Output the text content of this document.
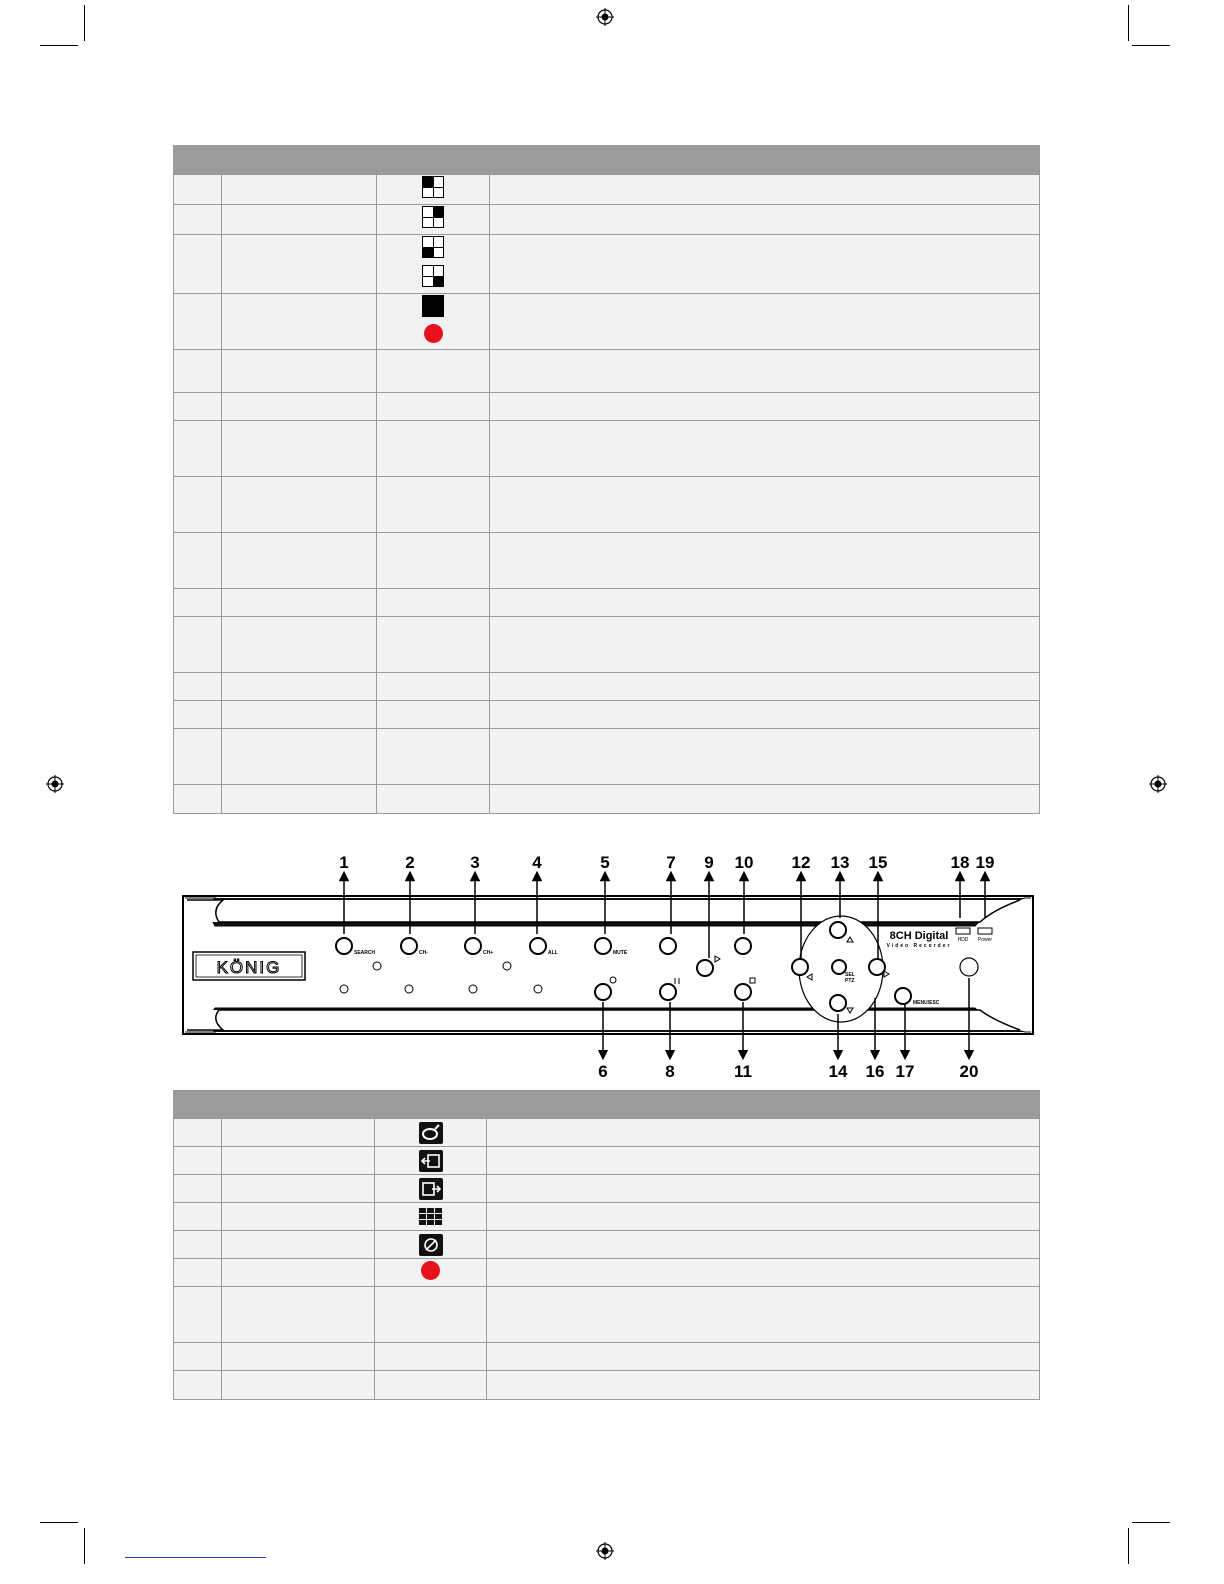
KÖNIG
8CH Digital
Video Recorder
HDD Power
SEARCH	CH-	CH+	ALL	MUTE
SEL
PTZ
MENU/ESC
1	2	3	4	5	7 9 10 12 13 15	18 19
6	8	11	14 16 17	20
